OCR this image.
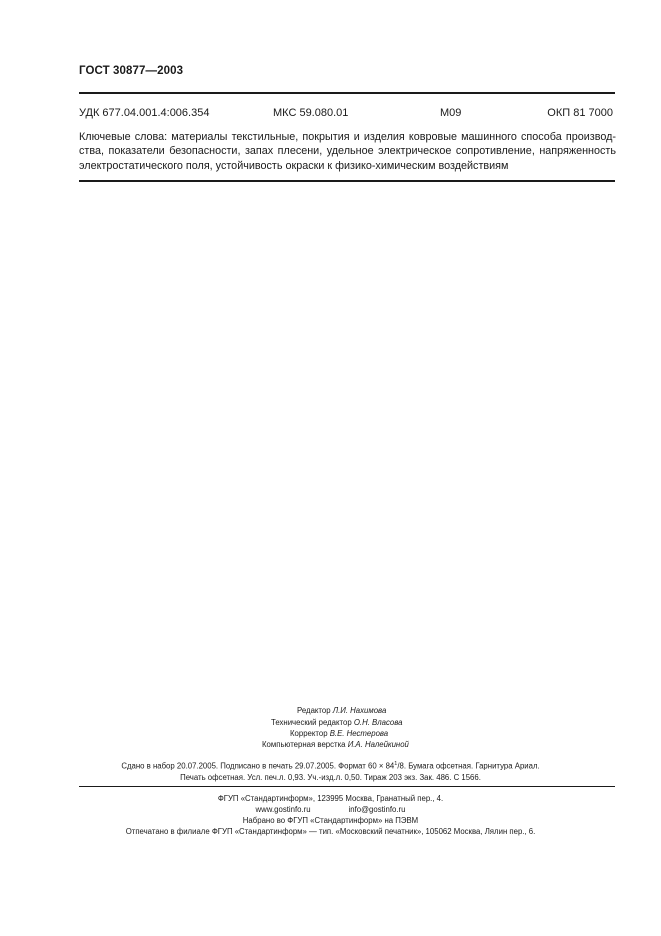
ГОСТ 30877—2003
УДК 677.04.001.4:006.354	МКС 59.080.01	М09	ОКП 81 7000
Ключевые слова: материалы текстильные, покрытия и изделия ковровые машинного способа производ-
ства, показатели безопасности, запах плесени, удельное электрическое сопротивление, напряженность
электростатического поля, устойчивость окраски к физико-химическим воздействиям
Редактор Л.И. Нахимова
Технический редактор О.Н. Власова
Корректор В.Е. Нестерова
Компьютерная верстка И.А. Налейкиной
Сдано в набор 20.07.2005. Подписано в печать 29.07.2005. Формат $60 \times 84^1/8$. Бумага офсетная. Гарнитура Ариал.
Печать офсетная. Усл. печ.л. 0,93. Уч.-изд.л. 0,50. Тираж 203 экз. Зак. 486. С 1566.
ФГУП «Стандартинформ», 123995 Москва, Гранатный пер., 4.
www.gostinfo.ru	info@gostinfo.ru
Набрано во ФГУП «Стандартинформ» на ПЭВМ
Отпечатано в филиале ФГУП «Стандартинформ» — тип. «Московский печатник», 105062 Москва, Лялин пер., 6.
